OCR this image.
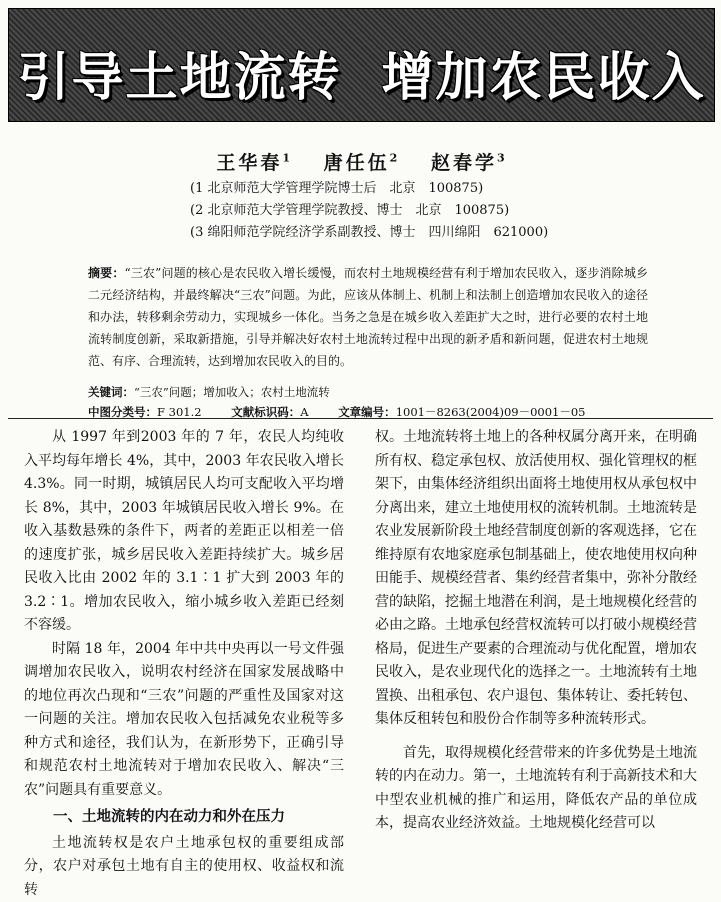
引导土地流转 增加农民收入
王华春$^1$ 唐任伍$^2$ 赵春学$^3$
(1 北京师范大学管理学院博士后　北京　100875)
(2 北京师范大学管理学院教授、博士　北京　100875)
(3 绵阳师范学院经济学系副教授、博士　四川绵阳　621000)
摘要：“三农”问题的核心是农民收入增长缓慢，而农村土地规模经营有利于增加农民收入，逐步消除城乡二元经济结构，并最终解决“三农”问题。为此，应该从体制上、机制上和法制上创造增加农民收入的途径和办法，转移剩余劳动力，实现城乡一体化。当务之急是在城乡收入差距扩大之时，进行必要的农村土地流转制度创新，采取新措施，引导并解决好农村土地流转过程中出现的新矛盾和新问题，促进农村土地规范、有序、合理流转，达到增加农民收入的目的。
关键词：“三农”问题；增加收入；农村土地流转
中图分类号：F 301.2	文献标识码：A	文章编号：1001－8263(2004)09－0001－05

从 1997 年到2003 年的 7 年，农民人均纯收入平均每年增长 4%，其中，2003 年农民收入增长 4.3%。同一时期，城镇居民人均可支配收入平均增长 8%，其中，2003 年城镇居民收入增长 9%。在收入基数悬殊的条件下，两者的差距正以相差一倍的速度扩张，城乡居民收入差距持续扩大。城乡居民收入比由 2002 年的 3.1∶1 扩大到 2003 年的 3.2∶1。增加农民收入，缩小城乡收入差距已经刻不容缓。

时隔 18 年，2004 年中共中央再以一号文件强调增加农民收入，说明农村经济在国家发展战略中的地位再次凸现和“三农”问题的严重性及国家对这一问题的关注。增加农民收入包括减免农业税等多种方式和途径，我们认为，在新形势下，正确引导和规范农村土地流转对于增加农民收入、解决“三农”问题具有重要意义。

一、土地流转的内在动力和外在压力

土地流转权是农户土地承包权的重要组成部分，农户对承包土地有自主的使用权、收益权和流转

权。土地流转将土地上的各种权属分离开来，在明确所有权、稳定承包权、放活使用权、强化管理权的框架下，由集体经济组织出面将土地使用权从承包权中分离出来，建立土地使用权的流转机制。土地流转是农业发展新阶段土地经营制度创新的客观选择，它在维持原有农地家庭承包制基础上，使农地使用权向种田能手、规模经营者、集约经营者集中，弥补分散经营的缺陷，挖掘土地潜在利润，是土地规模化经营的必由之路。土地承包经营权流转可以打破小规模经营格局，促进生产要素的合理流动与优化配置，增加农民收入，是农业现代化的选择之一。土地流转有土地置换、出租承包、农户退包、集体转让、委托转包、集体反租转包和股份合作制等多种流转形式。

首先，取得规模化经营带来的许多优势是土地流转的内在动力。第一，土地流转有利于高新技术和大中型农业机械的推广和运用，降低农产品的单位成本，提高农业经济效益。土地规模化经营可以
